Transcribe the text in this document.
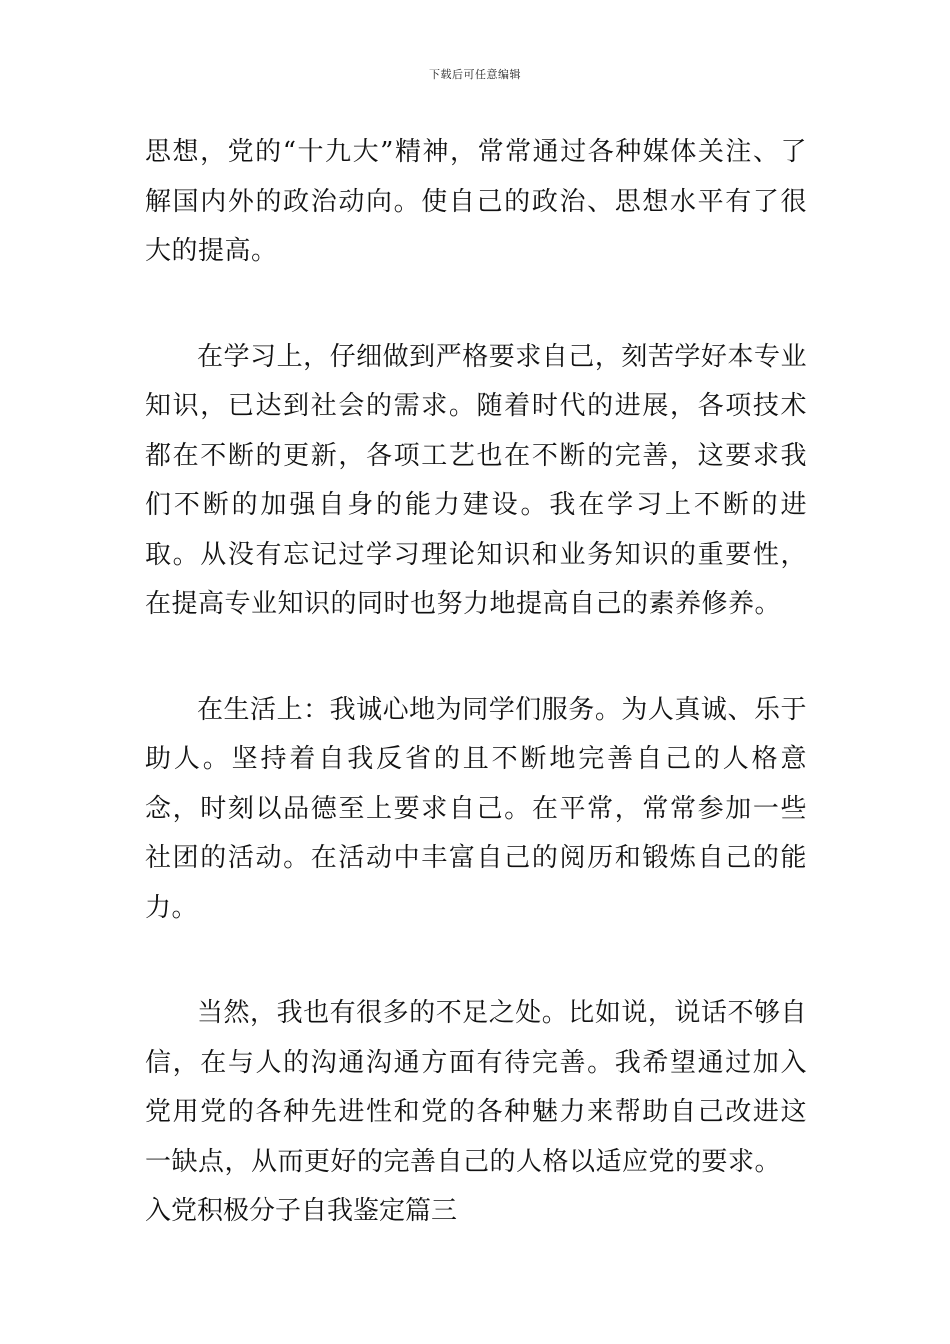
下载后可任意编辑

思想，党的“十九大”精神，常常通过各种媒体关注、了解国内外的政治动向。使自己的政治、思想水平有了很大的提高。

在学习上，仔细做到严格要求自己，刻苦学好本专业知识，已达到社会的需求。随着时代的进展，各项技术都在不断的更新，各项工艺也在不断的完善，这要求我们不断的加强自身的能力建设。我在学习上不断的进取。从没有忘记过学习理论知识和业务知识的重要性，在提高专业知识的同时也努力地提高自己的素养修养。

在生活上：我诚心地为同学们服务。为人真诚、乐于助人。坚持着自我反省的且不断地完善自己的人格意念，时刻以品德至上要求自己。在平常，常常参加一些社团的活动。在活动中丰富自己的阅历和锻炼自己的能力。

当然，我也有很多的不足之处。比如说，说话不够自信，在与人的沟通沟通方面有待完善。我希望通过加入党用党的各种先进性和党的各种魅力来帮助自己改进这一缺点，从而更好的完善自己的人格以适应党的要求。

入党积极分子自我鉴定篇三
